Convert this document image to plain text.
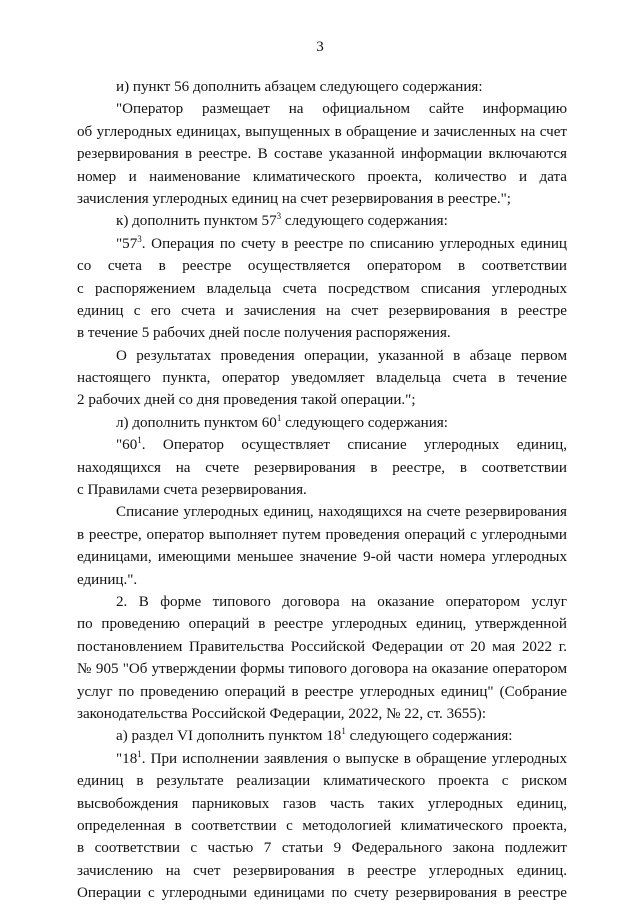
3
и) пункт 56 дополнить абзацем следующего содержания:
"Оператор размещает на официальном сайте информацию
об углеродных единицах, выпущенных в обращение и зачисленных на счет
резервирования в реестре. В составе указанной информации включаются
номер и наименование климатического проекта, количество и дата
зачисления углеродных единиц на счет резервирования в реестре.";
к) дополнить пунктом $57^3$ следующего содержания:
"$57^3$. Операция по счету в реестре по списанию углеродных единиц
со счета в реестре осуществляется оператором в соответствии
с распоряжением владельца счета посредством списания углеродных
единиц с его счета и зачисления на счет резервирования в реестре
в течение 5 рабочих дней после получения распоряжения.
О результатах проведения операции, указанной в абзаце первом
настоящего пункта, оператор уведомляет владельца счета в течение
2 рабочих дней со дня проведения такой операции.";
л) дополнить пунктом $60^1$ следующего содержания:
"$60^1$. Оператор осуществляет списание углеродных единиц,
находящихся на счете резервирования в реестре, в соответствии
с Правилами счета резервирования.
Списание углеродных единиц, находящихся на счете резервирования
в реестре, оператор выполняет путем проведения операций с углеродными
единицами, имеющими меньшее значение 9-ой части номера углеродных
единиц.".
2. В форме типового договора на оказание оператором услуг
по проведению операций в реестре углеродных единиц, утвержденной
постановлением Правительства Российской Федерации от 20 мая 2022 г.
№ 905 "Об утверждении формы типового договора на оказание оператором
услуг по проведению операций в реестре углеродных единиц" (Собрание
законодательства Российской Федерации, 2022, № 22, ст. 3655):
а) раздел VI дополнить пунктом $18^1$ следующего содержания:
"$18^1$. При исполнении заявления о выпуске в обращение углеродных
единиц в результате реализации климатического проекта с риском
высвобождения парниковых газов часть таких углеродных единиц,
определенная в соответствии с методологией климатического проекта,
в соответствии с частью 7 статьи 9 Федерального закона подлежит
зачислению на счет резервирования в реестре углеродных единиц.
Операции с углеродными единицами по счету резервирования в реестре
